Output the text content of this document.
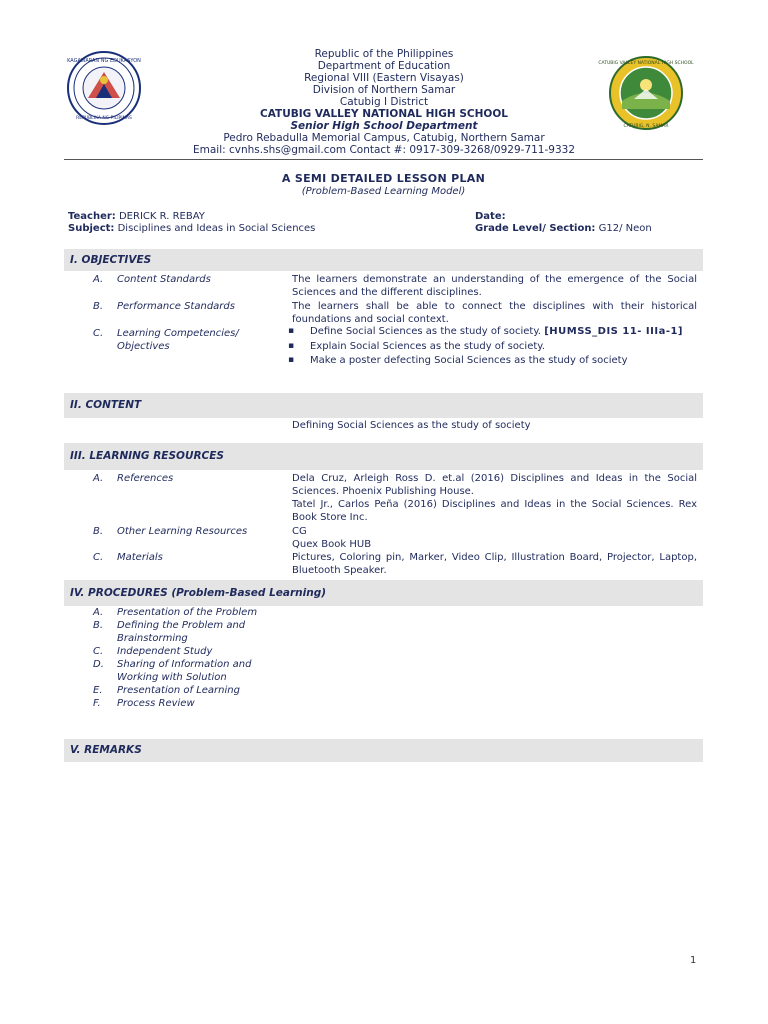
KAGAWARAN NG EDUKASYON
REPUBLIKA NG PILIPINAS
CATUBIG VALLEY NATIONAL HIGH SCHOOL
CATUBIG, N. SAMAR
Republic of the Philippines
Department of Education
Regional VIII (Eastern Visayas)
Division of Northern Samar
Catubig I District
CATUBIG VALLEY NATIONAL HIGH SCHOOL
Senior High School Department
Pedro Rebadulla Memorial Campus, Catubig, Northern Samar
Email: cvnhs.shs@gmail.com Contact #: 0917-309-3268/0929-711-9332
A SEMI DETAILED LESSON PLAN
(Problem-Based Learning Model)
Teacher: DERICK R. REBAY
Subject: Disciplines and Ideas in Social Sciences
Date:
Grade Level/ Section: G12/ Neon
I. OBJECTIVES
A.	Content Standards	The learners demonstrate an understanding of the emergence of the Social Sciences and the different disciplines.
B.	Performance Standards	The learners shall be able to connect the disciplines with their historical foundations and social context.
C.	Learning Competencies/ Objectives
▪	Define Social Sciences as the study of society. [HUMSS_DIS 11- IIIa-1]
▪	Explain Social Sciences as the study of society.
▪	Make a poster defecting Social Sciences as the study of society
II. CONTENT
Defining Social Sciences as the study of society
III. LEARNING RESOURCES
A.	References	Dela Cruz, Arleigh Ross D. et.al (2016) Disciplines and Ideas in the Social Sciences. Phoenix Publishing House.
Tatel Jr., Carlos Peña (2016) Disciplines and Ideas in the Social Sciences. Rex Book Store Inc.
B.	Other Learning Resources	CG
Quex Book HUB
C.	Materials	Pictures, Coloring pin, Marker, Video Clip, Illustration Board, Projector, Laptop, Bluetooth Speaker.
IV. PROCEDURES (Problem-Based Learning)
A.	Presentation of the Problem
B.	Defining the Problem and Brainstorming
C.	Independent Study
D.	Sharing of Information and Working with Solution
E.	Presentation of Learning
F.	Process Review
V. REMARKS
1
